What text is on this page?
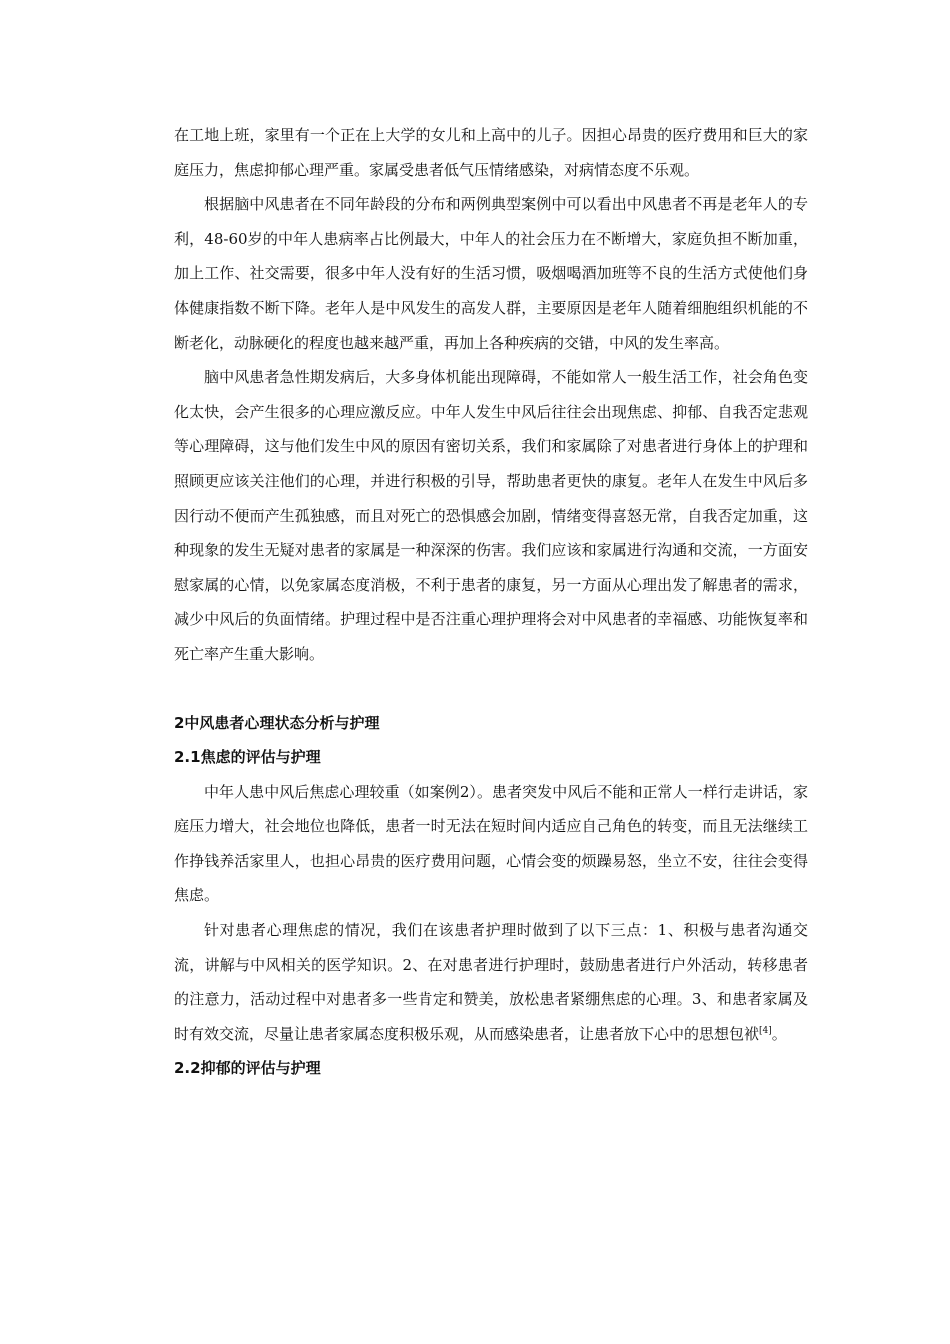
在工地上班，家里有一个正在上大学的女儿和上高中的儿子。因担心昂贵的医疗费用和巨大的家庭压力，焦虑抑郁心理严重。家属受患者低气压情绪感染，对病情态度不乐观。

根据脑中风患者在不同年龄段的分布和两例典型案例中可以看出中风患者不再是老年人的专利，48-60岁的中年人患病率占比例最大，中年人的社会压力在不断增大，家庭负担不断加重，加上工作、社交需要，很多中年人没有好的生活习惯，吸烟喝酒加班等不良的生活方式使他们身体健康指数不断下降。老年人是中风发生的高发人群，主要原因是老年人随着细胞组织机能的不断老化，动脉硬化的程度也越来越严重，再加上各种疾病的交错，中风的发生率高。

脑中风患者急性期发病后，大多身体机能出现障碍，不能如常人一般生活工作，社会角色变化太快，会产生很多的心理应激反应。中年人发生中风后往往会出现焦虑、抑郁、自我否定悲观等心理障碍，这与他们发生中风的原因有密切关系，我们和家属除了对患者进行身体上的护理和照顾更应该关注他们的心理，并进行积极的引导，帮助患者更快的康复。老年人在发生中风后多因行动不便而产生孤独感，而且对死亡的恐惧感会加剧，情绪变得喜怒无常，自我否定加重，这种现象的发生无疑对患者的家属是一种深深的伤害。我们应该和家属进行沟通和交流，一方面安慰家属的心情，以免家属态度消极，不利于患者的康复，另一方面从心理出发了解患者的需求，减少中风后的负面情绪。护理过程中是否注重心理护理将会对中风患者的幸福感、功能恢复率和死亡率产生重大影响。

2中风患者心理状态分析与护理

2.1焦虑的评估与护理

中年人患中风后焦虑心理较重（如案例2）。患者突发中风后不能和正常人一样行走讲话，家庭压力增大，社会地位也降低，患者一时无法在短时间内适应自己角色的转变，而且无法继续工作挣钱养活家里人，也担心昂贵的医疗费用问题，心情会变的烦躁易怒，坐立不安，往往会变得焦虑。

针对患者心理焦虑的情况，我们在该患者护理时做到了以下三点：1、积极与患者沟通交流，讲解与中风相关的医学知识。2、在对患者进行护理时，鼓励患者进行户外活动，转移患者的注意力，活动过程中对患者多一些肯定和赞美，放松患者紧绷焦虑的心理。3、和患者家属及时有效交流，尽量让患者家属态度积极乐观，从而感染患者，让患者放下心中的思想包袱[4]。

2.2抑郁的评估与护理
